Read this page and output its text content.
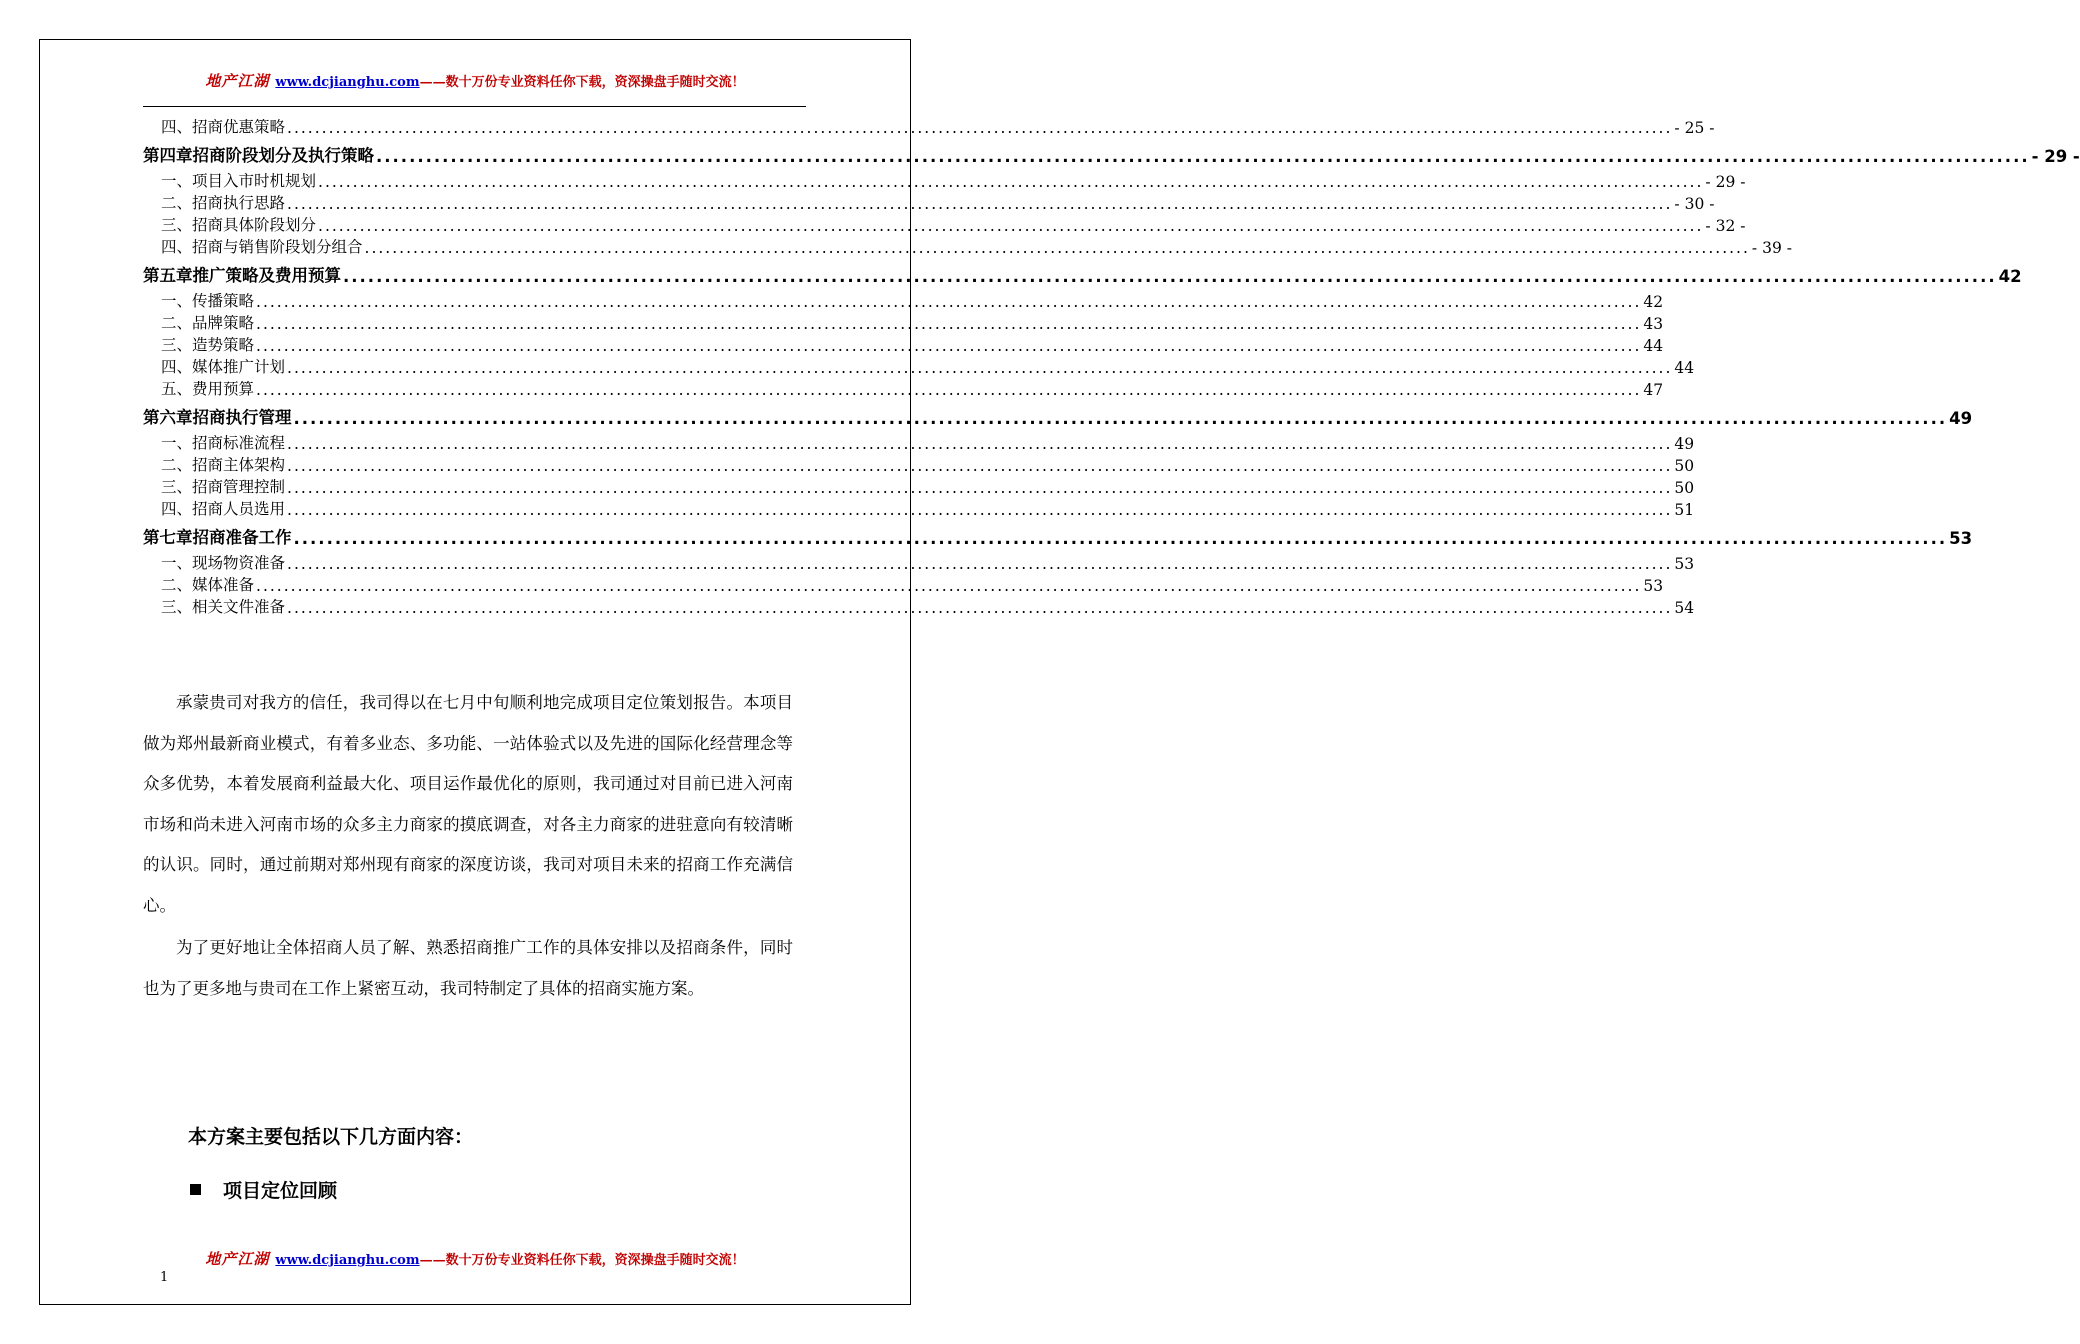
地产江湖 www.dcjianghu.com——数十万份专业资料任你下载，资深操盘手随时交流！
四、招商优惠策略 ........................................................................................................................................................................................................ - 25 -
第四章 招商阶段划分及执行策略 ........................................................................................................................................................................................................ - 29 -
一、项目入市时机规划 ........................................................................................................................................................................................................ - 29 -
二、招商执行思路 ........................................................................................................................................................................................................ - 30 -
三、招商具体阶段划分 ........................................................................................................................................................................................................ - 32 -
四、招商与销售阶段划分组合 ........................................................................................................................................................................................................ - 39 -
第五章 推广策略及费用预算 ........................................................................................................................................................................................................ 42
一、传播策略 ........................................................................................................................................................................................................ 42
二、品牌策略 ........................................................................................................................................................................................................ 43
三、造势策略 ........................................................................................................................................................................................................ 44
四、媒体推广计划 ........................................................................................................................................................................................................ 44
五、费用预算 ........................................................................................................................................................................................................ 47
第六章 招商执行管理 ........................................................................................................................................................................................................ 49
一、招商标准流程 ........................................................................................................................................................................................................ 49
二、招商主体架构 ........................................................................................................................................................................................................ 50
三、招商管理控制 ........................................................................................................................................................................................................ 50
四、招商人员选用 ........................................................................................................................................................................................................ 51
第七章 招商准备工作 ........................................................................................................................................................................................................ 53
一、现场物资准备 ........................................................................................................................................................................................................ 53
二、媒体准备 ........................................................................................................................................................................................................ 53
三、相关文件准备 ........................................................................................................................................................................................................ 54

承蒙贵司对我方的信任，我司得以在七月中旬顺利地完成项目定位策划报告。本项目做为郑州最新商业模式，有着多业态、多功能、一站体验式以及先进的国际化经营理念等众多优势，本着发展商利益最大化、项目运作最优化的原则，我司通过对目前已进入河南市场和尚未进入河南市场的众多主力商家的摸底调查，对各主力商家的进驻意向有较清晰的认识。同时，通过前期对郑州现有商家的深度访谈，我司对项目未来的招商工作充满信心。

为了更好地让全体招商人员了解、熟悉招商推广工作的具体安排以及招商条件，同时也为了更多地与贵司在工作上紧密互动，我司特制定了具体的招商实施方案。

本方案主要包括以下几方面内容：
项目定位回顾
地产江湖 www.dcjianghu.com——数十万份专业资料任你下载，资深操盘手随时交流！
1
